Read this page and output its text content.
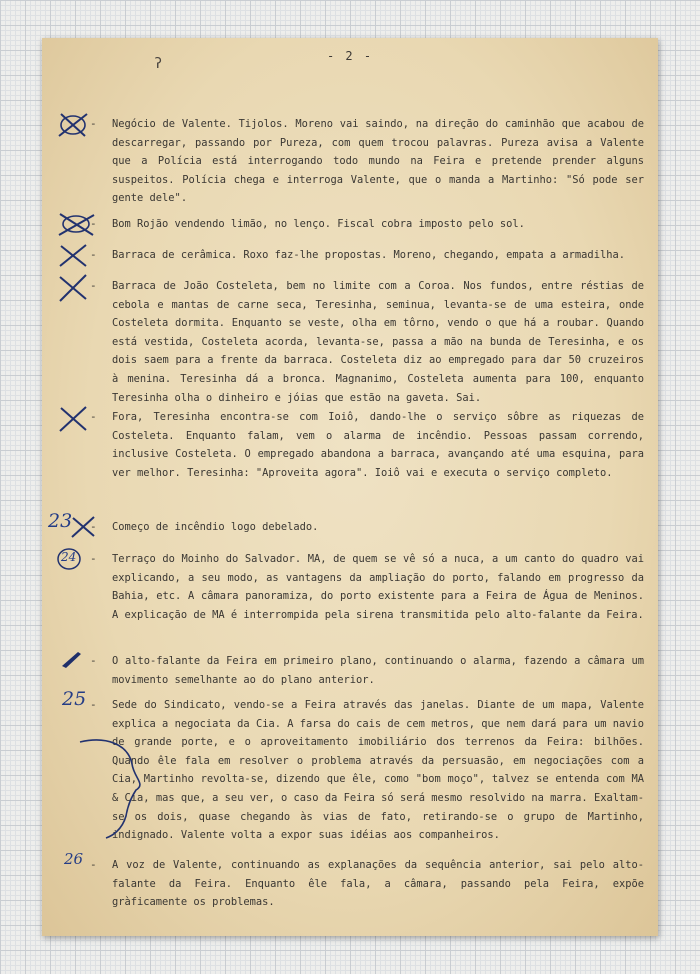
- 2 -
ʔ
- Negócio de Valente. Tijolos. Moreno vai saindo, na direção do caminhão que acabou de descarregar, passando por Pureza, com quem trocou palavras. Pureza avisa a Valente que a Polícia está interrogando todo mundo na Feira e pretende prender alguns suspeitos. Polícia chega e interroga Valente, que o manda a Martinho: "Só pode ser gente dele".

- Bom Rojão vendendo limão, no lenço. Fiscal cobra imposto pelo sol.

- Barraca de cerâmica. Roxo faz-lhe propostas. Moreno, chegando, empata a armadilha.

- Barraca de João Costeleta, bem no limite com a Coroa. Nos fundos, entre réstias de cebola e mantas de carne seca, Teresinha, seminua, levanta-se de uma esteira, onde Costeleta dormita. Enquanto se veste, olha em tôrno, vendo o que há a roubar. Quando está vestida, Costeleta acorda, levanta-se, passa a mão na bunda de Teresinha, e os dois saem para a frente da barraca. Costeleta diz ao empregado para dar 50 cruzeiros à menina. Teresinha dá a bronca. Magnanimo, Costeleta aumenta para 100, enquanto Teresinha olha o dinheiro e jóias que estão na gaveta. Sai.

- Fora, Teresinha encontra-se com Ioiô, dando-lhe o serviço sôbre as riquezas de Costeleta. Enquanto falam, vem o alarma de incêndio. Pessoas passam correndo, inclusive Costeleta. O empregado abandona a barraca, avançando até uma esquina, para ver melhor. Teresinha: "Aproveita agora". Ioiô vai e executa o serviço completo.

23 - Começo de incêndio logo debelado.

24 - Terraço do Moinho do Salvador. MA, de quem se vê só a nuca, a um canto do quadro vai explicando, a seu modo, as vantagens da ampliação do porto, falando em progresso da Bahia, etc. A câmara panoramiza, do porto existente para a Feira de Água de Meninos. A explicação de MA é interrompida pela sirena transmitida pelo alto-falante da Feira.

- O alto-falante da Feira em primeiro plano, continuando o alarma, fazendo a câmara um movimento semelhante ao do plano anterior.

25 - Sede do Sindicato, vendo-se a Feira através das janelas. Diante de um mapa, Valente explica a negociata da Cia. A farsa do cais de cem metros, que nem dará para um navio de grande porte, e o aproveitamento imobiliário dos terrenos da Feira: bilhões. Quando êle fala em resolver o problema através da persuasão, em negociações com a Cia, Martinho revolta-se, dizendo que êle, como "bom moço", talvez se entenda com MA & Cia, mas que, a seu ver, o caso da Feira só será mesmo resolvido na marra. Exaltam-se os dois, quase chegando às vias de fato, retirando-se o grupo de Martinho, indignado. Valente volta a expor suas idéias aos companheiros.

26 - A voz de Valente, continuando as explanações da sequência anterior, sai pelo alto-falante da Feira. Enquanto êle fala, a câmara, passando pela Feira, expõe gràficamente os problemas.
